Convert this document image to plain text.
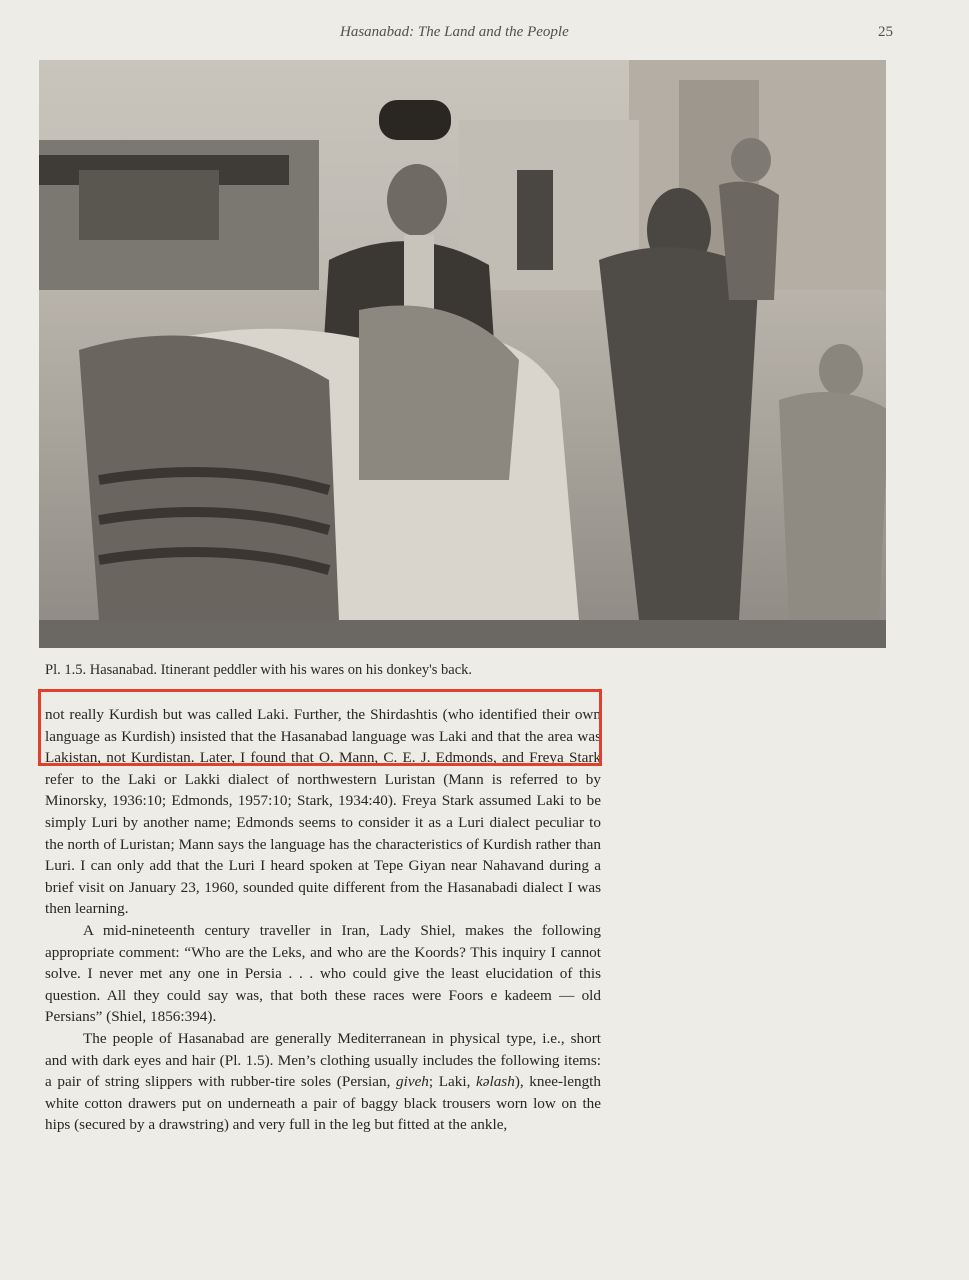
Hasanabad: The Land and the People	25
Pl. 1.5. Hasanabad. Itinerant peddler with his wares on his donkey's back.

not really Kurdish but was called Laki. Further, the Shirdashtis (who identified their own language as Kurdish) insisted that the Hasanabad language was Laki and that the area was Lakistan, not Kurdistan. Later, I found that O. Mann, C. E. J. Edmonds, and Freya Stark refer to the Laki or Lakki dialect of northwestern Luristan (Mann is referred to by Minorsky, 1936:10; Edmonds, 1957:10; Stark, 1934:40). Freya Stark assumed Laki to be simply Luri by another name; Edmonds seems to consider it as a Luri dialect peculiar to the north of Luristan; Mann says the language has the characteristics of Kurdish rather than Luri. I can only add that the Luri I heard spoken at Tepe Giyan near Nahavand during a brief visit on January 23, 1960, sounded quite different from the Hasanabadi dialect I was then learning.

A mid-nineteenth century traveller in Iran, Lady Shiel, makes the following appropriate comment: “Who are the Leks, and who are the Koords? This inquiry I cannot solve. I never met any one in Persia . . . who could give the least elucidation of this question. All they could say was, that both these races were Foors e kadeem — old Persians” (Shiel, 1856:394).

The people of Hasanabad are generally Mediterranean in physical type, i.e., short and with dark eyes and hair (Pl. 1.5). Men’s clothing usually includes the following items: a pair of string slippers with rubber-tire soles (Persian, giveh; Laki, kəlash), knee-length white cotton drawers put on underneath a pair of baggy black trousers worn low on the hips (secured by a drawstring) and very full in the leg but fitted at the ankle,
